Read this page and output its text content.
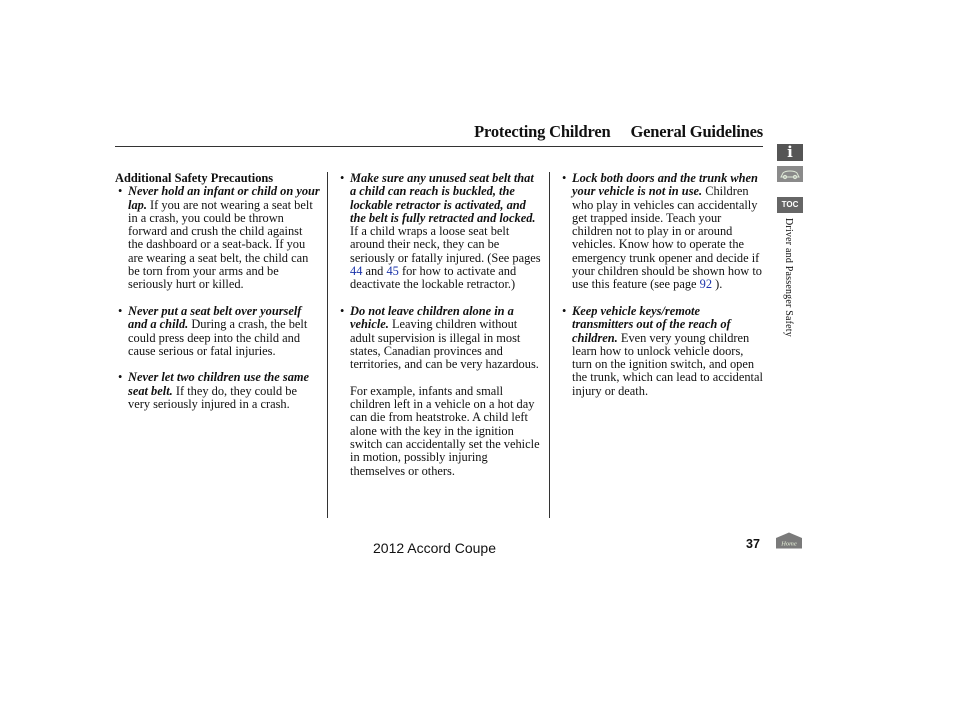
Protecting Children General Guidelines

Additional Safety Precautions

• Never hold an infant or child on your lap. If you are not wearing a seat belt in a crash, you could be thrown forward and crush the child against the dashboard or a seat-back. If you are wearing a seat belt, the child can be torn from your arms and be seriously hurt or killed.
• Never put a seat belt over yourself and a child. During a crash, the belt could press deep into the child and cause serious or fatal injuries.
• Never let two children use the same seat belt. If they do, they could be very seriously injured in a crash.
• Make sure any unused seat belt that a child can reach is buckled, the lockable retractor is activated, and the belt is fully retracted and locked. If a child wraps a loose seat belt around their neck, they can be seriously or fatally injured. (See pages 44 and 45 for how to activate and deactivate the lockable retractor.)
• Do not leave children alone in a vehicle. Leaving children without adult supervision is illegal in most states, Canadian provinces and territories, and can be very hazardous.

For example, infants and small children left in a vehicle on a hot day can die from heatstroke. A child left alone with the key in the ignition switch can accidentally set the vehicle in motion, possibly injuring themselves or others.

• Lock both doors and the trunk when your vehicle is not in use. Children who play in vehicles can accidentally get trapped inside. Teach your children not to play in or around vehicles. Know how to operate the emergency trunk opener and decide if your children should be shown how to use this feature (see page 92 ).
• Keep vehicle keys/remote transmitters out of the reach of children. Even very young children learn how to unlock vehicle doors, turn on the ignition switch, and open the trunk, which can lead to accidental injury or death.
i
TOC
Driver and Passenger Safety
2012 Accord Coupe	37	Home
